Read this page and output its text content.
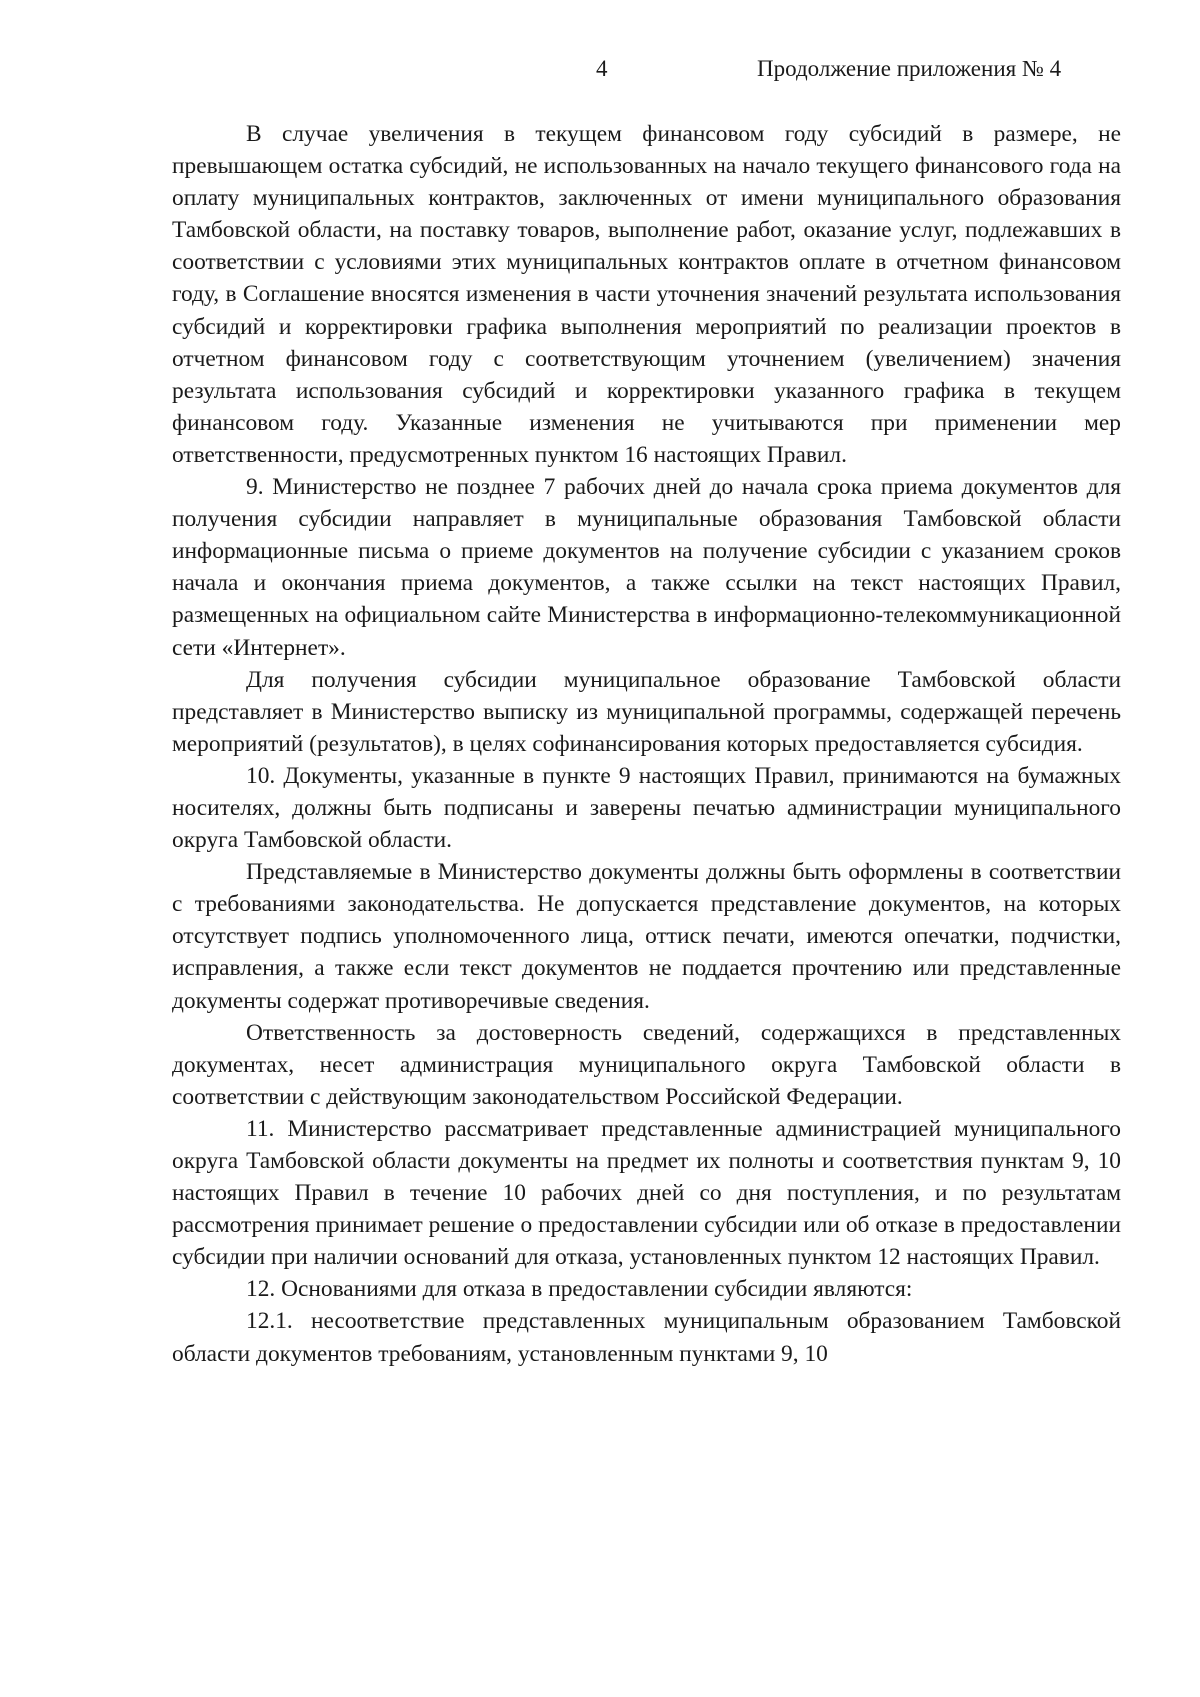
4	Продолжение приложения № 4

В случае увеличения в текущем финансовом году субсидий в размере, не превышающем остатка субсидий, не использованных на начало текущего финансового года на оплату муниципальных контрактов, заключенных от имени муниципального образования Тамбовской области, на поставку товаров, выполнение работ, оказание услуг, подлежавших в соответствии с условиями этих муниципальных контрактов оплате в отчетном финансовом году, в Соглашение вносятся изменения в части уточнения значений результата использования субсидий и корректировки графика выполнения мероприятий по реализации проектов в отчетном финансовом году с соответствующим уточнением (увеличением) значения результата использования субсидий и корректировки указанного графика в текущем финансовом году. Указанные изменения не учитываются при применении мер ответственности, предусмотренных пунктом 16 настоящих Правил.

9. Министерство не позднее 7 рабочих дней до начала срока приема документов для получения субсидии направляет в муниципальные образования Тамбовской области информационные письма о приеме документов на получение субсидии с указанием сроков начала и окончания приема документов, а также ссылки на текст настоящих Правил, размещенных на официальном сайте Министерства в информационно-телекоммуникационной сети «Интернет».

Для получения субсидии муниципальное образование Тамбовской области представляет в Министерство выписку из муниципальной программы, содержащей перечень мероприятий (результатов), в целях софинансирования которых предоставляется субсидия.

10. Документы, указанные в пункте 9 настоящих Правил, принимаются на бумажных носителях, должны быть подписаны и заверены печатью администрации муниципального округа Тамбовской области.

Представляемые в Министерство документы должны быть оформлены в соответствии с требованиями законодательства. Не допускается представление документов, на которых отсутствует подпись уполномоченного лица, оттиск печати, имеются опечатки, подчистки, исправления, а также если текст документов не поддается прочтению или представленные документы содержат противоречивые сведения.

Ответственность за достоверность сведений, содержащихся в представленных документах, несет администрация муниципального округа Тамбовской области в соответствии с действующим законодательством Российской Федерации.

11. Министерство рассматривает представленные администрацией муниципального округа Тамбовской области документы на предмет их полноты и соответствия пунктам 9, 10 настоящих Правил в течение 10 рабочих дней со дня поступления, и по результатам рассмотрения принимает решение о предоставлении субсидии или об отказе в предоставлении субсидии при наличии оснований для отказа, установленных пунктом 12 настоящих Правил.

12. Основаниями для отказа в предоставлении субсидии являются:

12.1. несоответствие представленных муниципальным образованием Тамбовской области документов требованиям, установленным пунктами 9, 10
